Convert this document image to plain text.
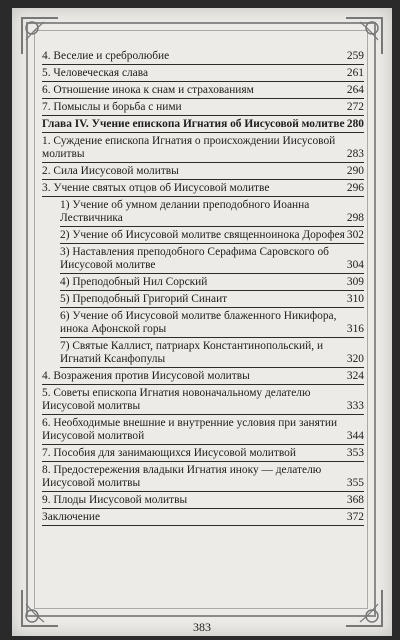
4. Веселие и сребролюбие	259
5. Человеческая слава	261
6. Отношение инока к снам и страхованиям	264
7. Помыслы и борьба с ними	272
Глава IV. Учение епископа Игнатия об Иисусовой молитве 280
1. Суждение епископа Игнатия о происхождении Иисусовой молитвы	283
2. Сила Иисусовой молитвы	290
3. Учение святых отцов об Иисусовой молитве	296
1) Учение об умном делании преподобного Иоанна Лествичника	298
2) Учение об Иисусовой молитве священноинока Дорофея 302
3) Наставления преподобного Серафима Саровского об Иисусовой молитве	304
4) Преподобный Нил Сорский	309
5) Преподобный Григорий Синаит	310
6) Учение об Иисусовой молитве блаженного Никифора, инока Афонской горы	316
7) Святые Каллист, патриарх Константинопольский, и Игнатий Ксанфопулы	320
4. Возражения против Иисусовой молитвы	324
5. Советы епископа Игнатия новоначальному делателю Иисусовой молитвы	333
6. Необходимые внешние и внутренние условия при занятии Иисусовой молитвой	344
7. Пособия для занимающихся Иисусовой молитвой	353
8. Предостережения владыки Игнатия иноку — делателю Иисусовой молитвы	355
9. Плоды Иисусовой молитвы	368
Заключение	372
383
